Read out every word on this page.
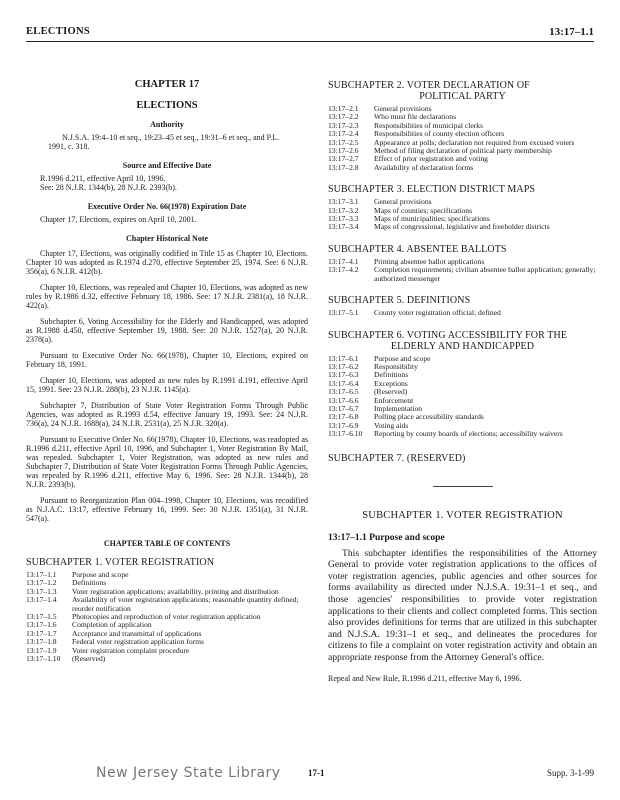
ELECTIONS	13:17–1.1
CHAPTER 17
ELECTIONS
Authority
N.J.S.A. 19:4–10 et seq., 19:23–45 et seq., 19:31–6 et seq., and P.L. 1991, c. 318.
Source and Effective Date
R.1996 d.211, effective April 10, 1996.
See: 28 N.J.R. 1344(b), 28 N.J.R. 2393(b).
Executive Order No. 66(1978) Expiration Date
Chapter 17, Elections, expires on April 10, 2001.
Chapter Historical Note

Chapter 17, Elections, was originally codified in Title 15 as Chapter 10, Elections. Chapter 10 was adopted as R.1974 d.270, effective September 25, 1974. See: 6 N.J.R. 356(a), 6 N.J.R. 412(b).

Chapter 10, Elections, was repealed and Chapter 10, Elections, was adopted as new rules by R.1986 d.32, effective February 18, 1986. See: 17 N.J.R. 2381(a), 18 N.J.R. 422(a).

Subchapter 6, Voting Accessibility for the Elderly and Handicapped, was adopted as R.1988 d.450, effective September 19, 1988. See: 20 N.J.R. 1527(a), 20 N.J.R. 2378(a).

Pursuant to Executive Order No. 66(1978), Chapter 10, Elections, expired on February 18, 1991.

Chapter 10, Elections, was adopted as new rules by R.1991 d.191, effective April 15, 1991. See: 23 N.J.R. 288(b), 23 N.J.R. 1145(a).

Subchapter 7, Distribution of State Voter Registration Forms Through Public Agencies, was adopted as R.1993 d.54, effective January 19, 1993. See: 24 N.J.R. 736(a), 24 N.J.R. 1688(a), 24 N.J.R. 2531(a), 25 N.J.R. 320(a).

Pursuant to Executive Order No. 66(1978), Chapter 10, Elections, was readopted as R.1996 d.211, effective April 10, 1996, and Subchapter 1, Voter Registration By Mail, was repealed. Subchapter 1, Voter Registration, was adopted as new rules and Subchapter 7, Distribution of State Voter Registration Forms Through Public Agencies, was repealed by R.1996 d.211, effective May 6, 1996. See: 28 N.J.R. 1344(b), 28 N.J.R. 2393(b).

Pursuant to Reorganization Plan 004–1998, Chapter 10, Elections, was recodified as N.J.A.C. 13:17, effective February 16, 1999. See: 30 N.J.R. 1351(a), 31 N.J.R. 547(a).

CHAPTER TABLE OF CONTENTS
SUBCHAPTER 1. VOTER REGISTRATION
13:17–1.1	Purpose and scope
13:17–1.2	Definitions
13:17–1.3	Voter registration applications; availability, printing and distribution
13:17–1.4	Availability of voter registration applications; reasonable quantity defined; reorder notification
13:17–1.5	Photocopies and reproduction of voter registration application
13:17–1.6	Completion of application
13:17–1.7	Acceptance and transmittal of applications
13:17–1.8	Federal voter registration application forms
13:17–1.9	Voter registration complaint procedure
13:17–1.10	(Reserved)
SUBCHAPTER 2. VOTER DECLARATION OF
POLITICAL PARTY
13:17–2.1	General provisions
13:17–2.2	Who must file declarations
13:17–2.3	Responsibilities of municipal clerks
13:17–2.4	Responsibilities of county election officers
13:17–2.5	Appearance at polls; declaration not required from excused voters
13:17–2.6	Method of filing declaration of political party membership
13:17–2.7	Effect of prior registration and voting
13:17–2.8	Availability of declaration forms
SUBCHAPTER 3. ELECTION DISTRICT MAPS
13:17–3.1	General provisions
13:17–3.2	Maps of counties; specifications
13:17–3.3	Maps of municipalities; specifications
13:17–3.4	Maps of congressional, legislative and freeholder districts
SUBCHAPTER 4. ABSENTEE BALLOTS
13:17–4.1	Printing absentee ballot applications
13:17–4.2	Completion requirements; civilian absentee ballot application; generally; authorized messenger
SUBCHAPTER 5. DEFINITIONS
13:17–5.1	County voter registration official; defined
SUBCHAPTER 6. VOTING ACCESSIBILITY FOR THE
ELDERLY AND HANDICAPPED
13:17–6.1	Purpose and scope
13:17–6.2	Responsibility
13:17–6.3	Definitions
13:17–6.4	Exceptions
13:17–6.5	(Reserved)
13:17–6.6	Enforcement
13:17–6.7	Implementation
13:17–6.8	Polling place accessibility standards
13:17–6.9	Voting aids
13:17–6.10	Reporting by county boards of elections; accessibility waivers
SUBCHAPTER 7. (RESERVED)
SUBCHAPTER 1. VOTER REGISTRATION
13:17–1.1 Purpose and scope
This subchapter identifies the responsibilities of the Attorney General to provide voter registration applications to the offices of voter registration agencies, public agencies and other sources for forms availability as directed under N.J.S.A. 19:31–1 et seq., and those agencies' responsibilities to provide voter registration applications to their clients and collect completed forms. This section also provides definitions for terms that are utilized in this subchapter and N.J.S.A. 19:31–1 et seq., and delineates the procedures for citizens to file a complaint on voter registration activity and obtain an appropriate response from the Attorney General's office.
Repeal and New Rule, R.1996 d.211, effective May 6, 1996.
New Jersey State Library	17-1	Supp. 3-1-99
